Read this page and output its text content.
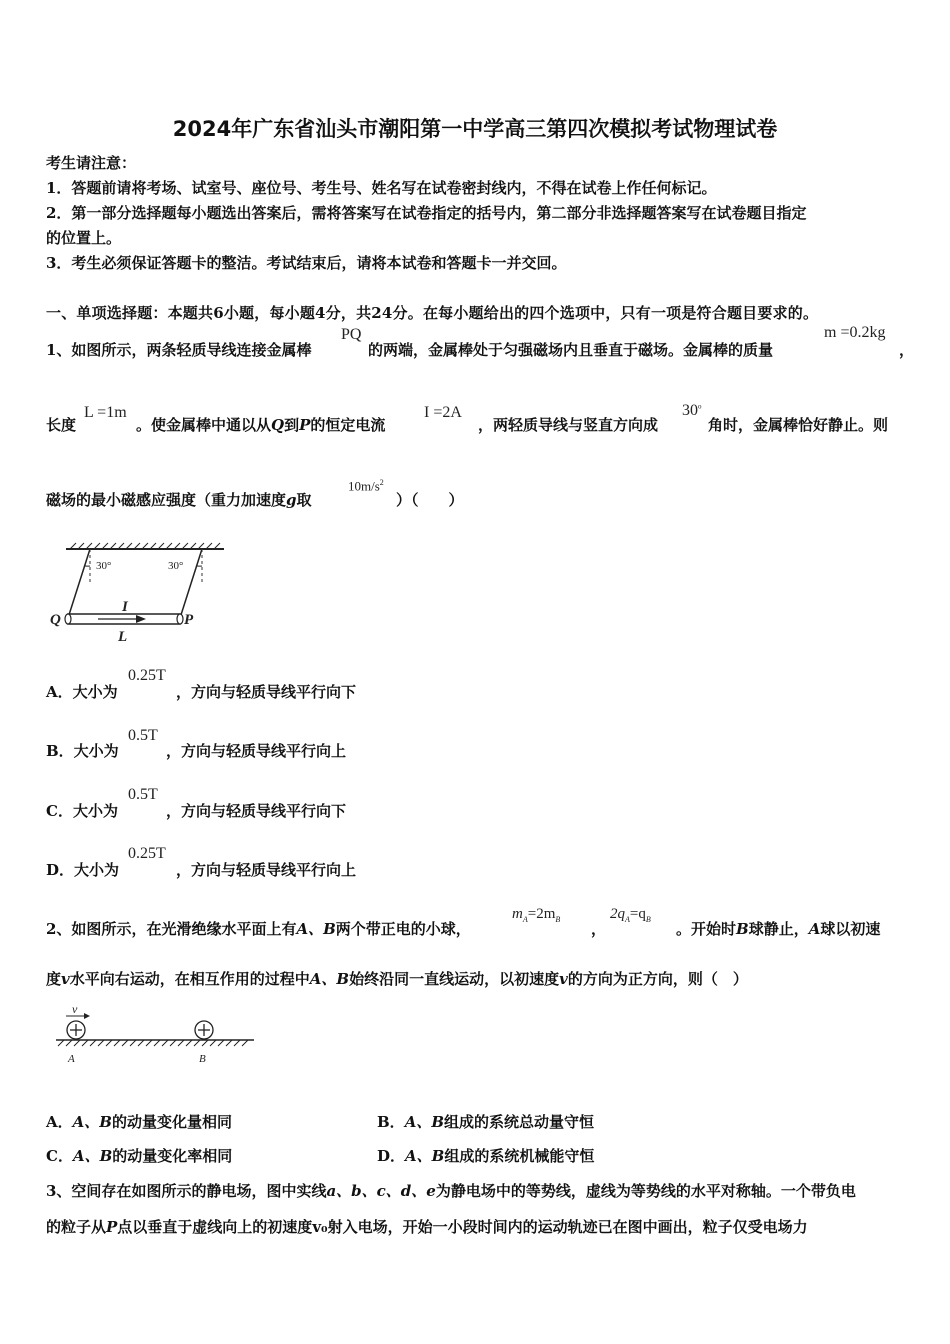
2024年广东省汕头市潮阳第一中学高三第四次模拟考试物理试卷
考生请注意：
1．答题前请将考场、试室号、座位号、考生号、姓名写在试卷密封线内，不得在试卷上作任何标记。
2．第一部分选择题每小题选出答案后，需将答案写在试卷指定的括号内，第二部分非选择题答案写在试卷题目指定
的位置上。
3．考生必须保证答题卡的整洁。考试结束后，请将本试卷和答题卡一并交回。
一、单项选择题：本题共6小题，每小题4分，共24分。在每小题给出的四个选项中，只有一项是符合题目要求的。
1、如图所示，两条轻质导线连接金属棒
PQ
的两端，金属棒处于匀强磁场内且垂直于磁场。金属棒的质量
m =0.2kg
，
长度
L =1m
。使金属棒中通以从Q到P的恒定电流
I =2A
，两轻质导线与竖直方向成
30$^o$
角时，金属棒恰好静止。则
磁场的最小磁感应强度（重力加速度g取
$10m/s^2$
）（　　）
30°	30°
Q	P
I
L
A．大小为
0.25T
，方向与轻质导线平行向下
B．大小为
0.5T
，方向与轻质导线平行向上
C．大小为
0.5T
，方向与轻质导线平行向下
D．大小为
0.25T
，方向与轻质导线平行向上
2、如图所示，在光滑绝缘水平面上有A、B两个带正电的小球，
$m_A=2m_B$
，
$2q_A=q_B$
。开始时B球静止，A球以初速
度v水平向右运动，在相互作用的过程中A、B始终沿同一直线运动，以初速度v的方向为正方向，则（　）
v
A	B
A．A、B的动量变化量相同	B．A、B组成的系统总动量守恒
C．A、B的动量变化率相同	D．A、B组成的系统机械能守恒
3、空间存在如图所示的静电场，图中实线a、b、c、d、e为静电场中的等势线，虚线为等势线的水平对称轴。一个带负电
的粒子从P点以垂直于虚线向上的初速度v₀射入电场，开始一小段时间内的运动轨迹已在图中画出，粒子仅受电场力
